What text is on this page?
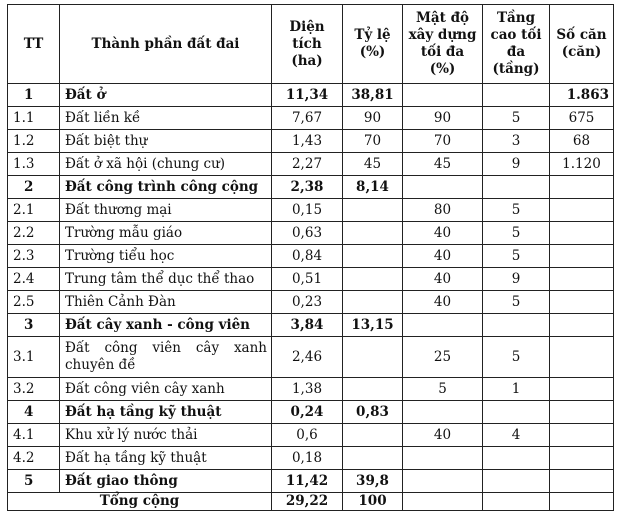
TT	Thành phần đất đai	Diện tích (ha)	Tỷ lệ (%)	Mật độ xây dựng tối đa (%)	Tầng cao tối đa (tầng)	Số căn (căn)
1	Đất ở	11,34	38,81			1.863
1.1	Đất liền kề	7,67	90	90	5	675
1.2	Đất biệt thự	1,43	70	70	3	68
1.3	Đất ở xã hội (chung cư)	2,27	45	45	9	1.120
2	Đất công trình công cộng	2,38	8,14			
2.1	Đất thương mại	0,15		80	5	
2.2	Trường mẫu giáo	0,63		40	5	
2.3	Trường tiểu học	0,84		40	5	
2.4	Trung tâm thể dục thể thao	0,51		40	9	
2.5	Thiên Cảnh Đàn	0,23		40	5	
3	Đất cây xanh - công viên	3,84	13,15			
3.1	Đất công viên cây xanh chuyên đề	2,46		25	5	
3.2	Đất công viên cây xanh	1,38		5	1	
4	Đất hạ tầng kỹ thuật	0,24	0,83			
4.1	Khu xử lý nước thải	0,6		40	4	
4.2	Đất hạ tầng kỹ thuật	0,18				
5	Đất giao thông	11,42	39,8			
Tổng cộng		29,22	100			
